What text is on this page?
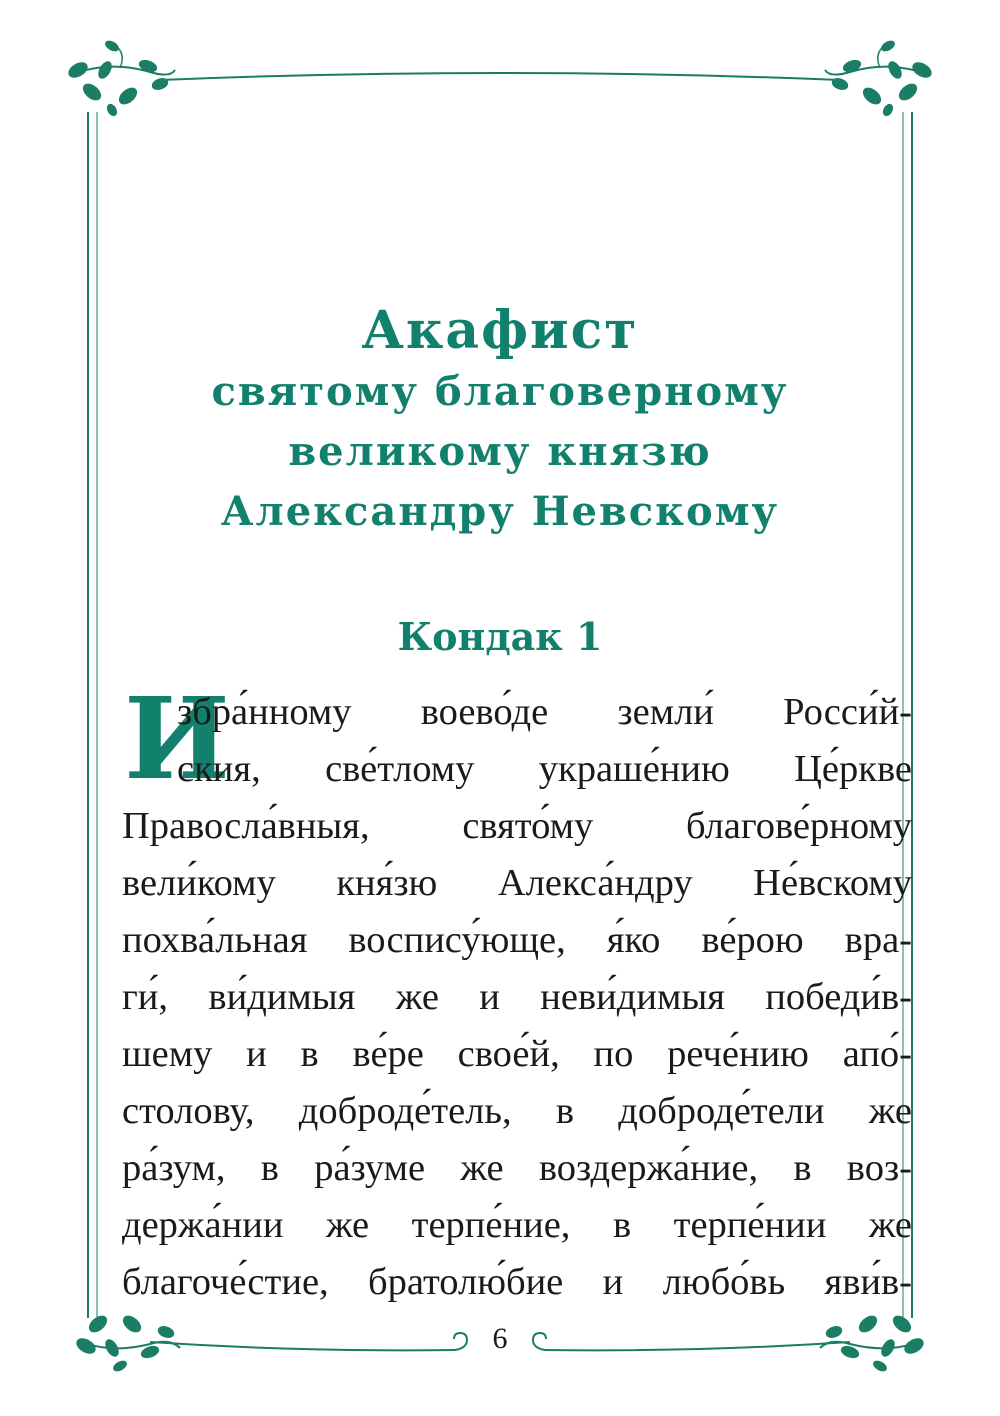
Акафист
святому благоверному
великому князю
Александру Невскому
Кондак 1
И
збра́нному воево́де земли́ Росси́й-
ския, све́тлому украше́нию Це́ркве
Правосла́вныя, свято́му благове́рному
вели́кому кня́зю Алекса́ндру Не́вскому
похва́льная воспису́юще, я́ко ве́рою вра-
ги́, ви́димыя же и неви́димыя победи́в-
шему и в ве́ре свое́й, по рече́нию апо́-
столову, доброде́тель, в доброде́тели же
ра́зум, в ра́зуме же воздержа́ние, в воз-
держа́нии же терпе́ние, в терпе́нии же
благоче́стие, братолю́бие и любо́вь яви́в-
6
